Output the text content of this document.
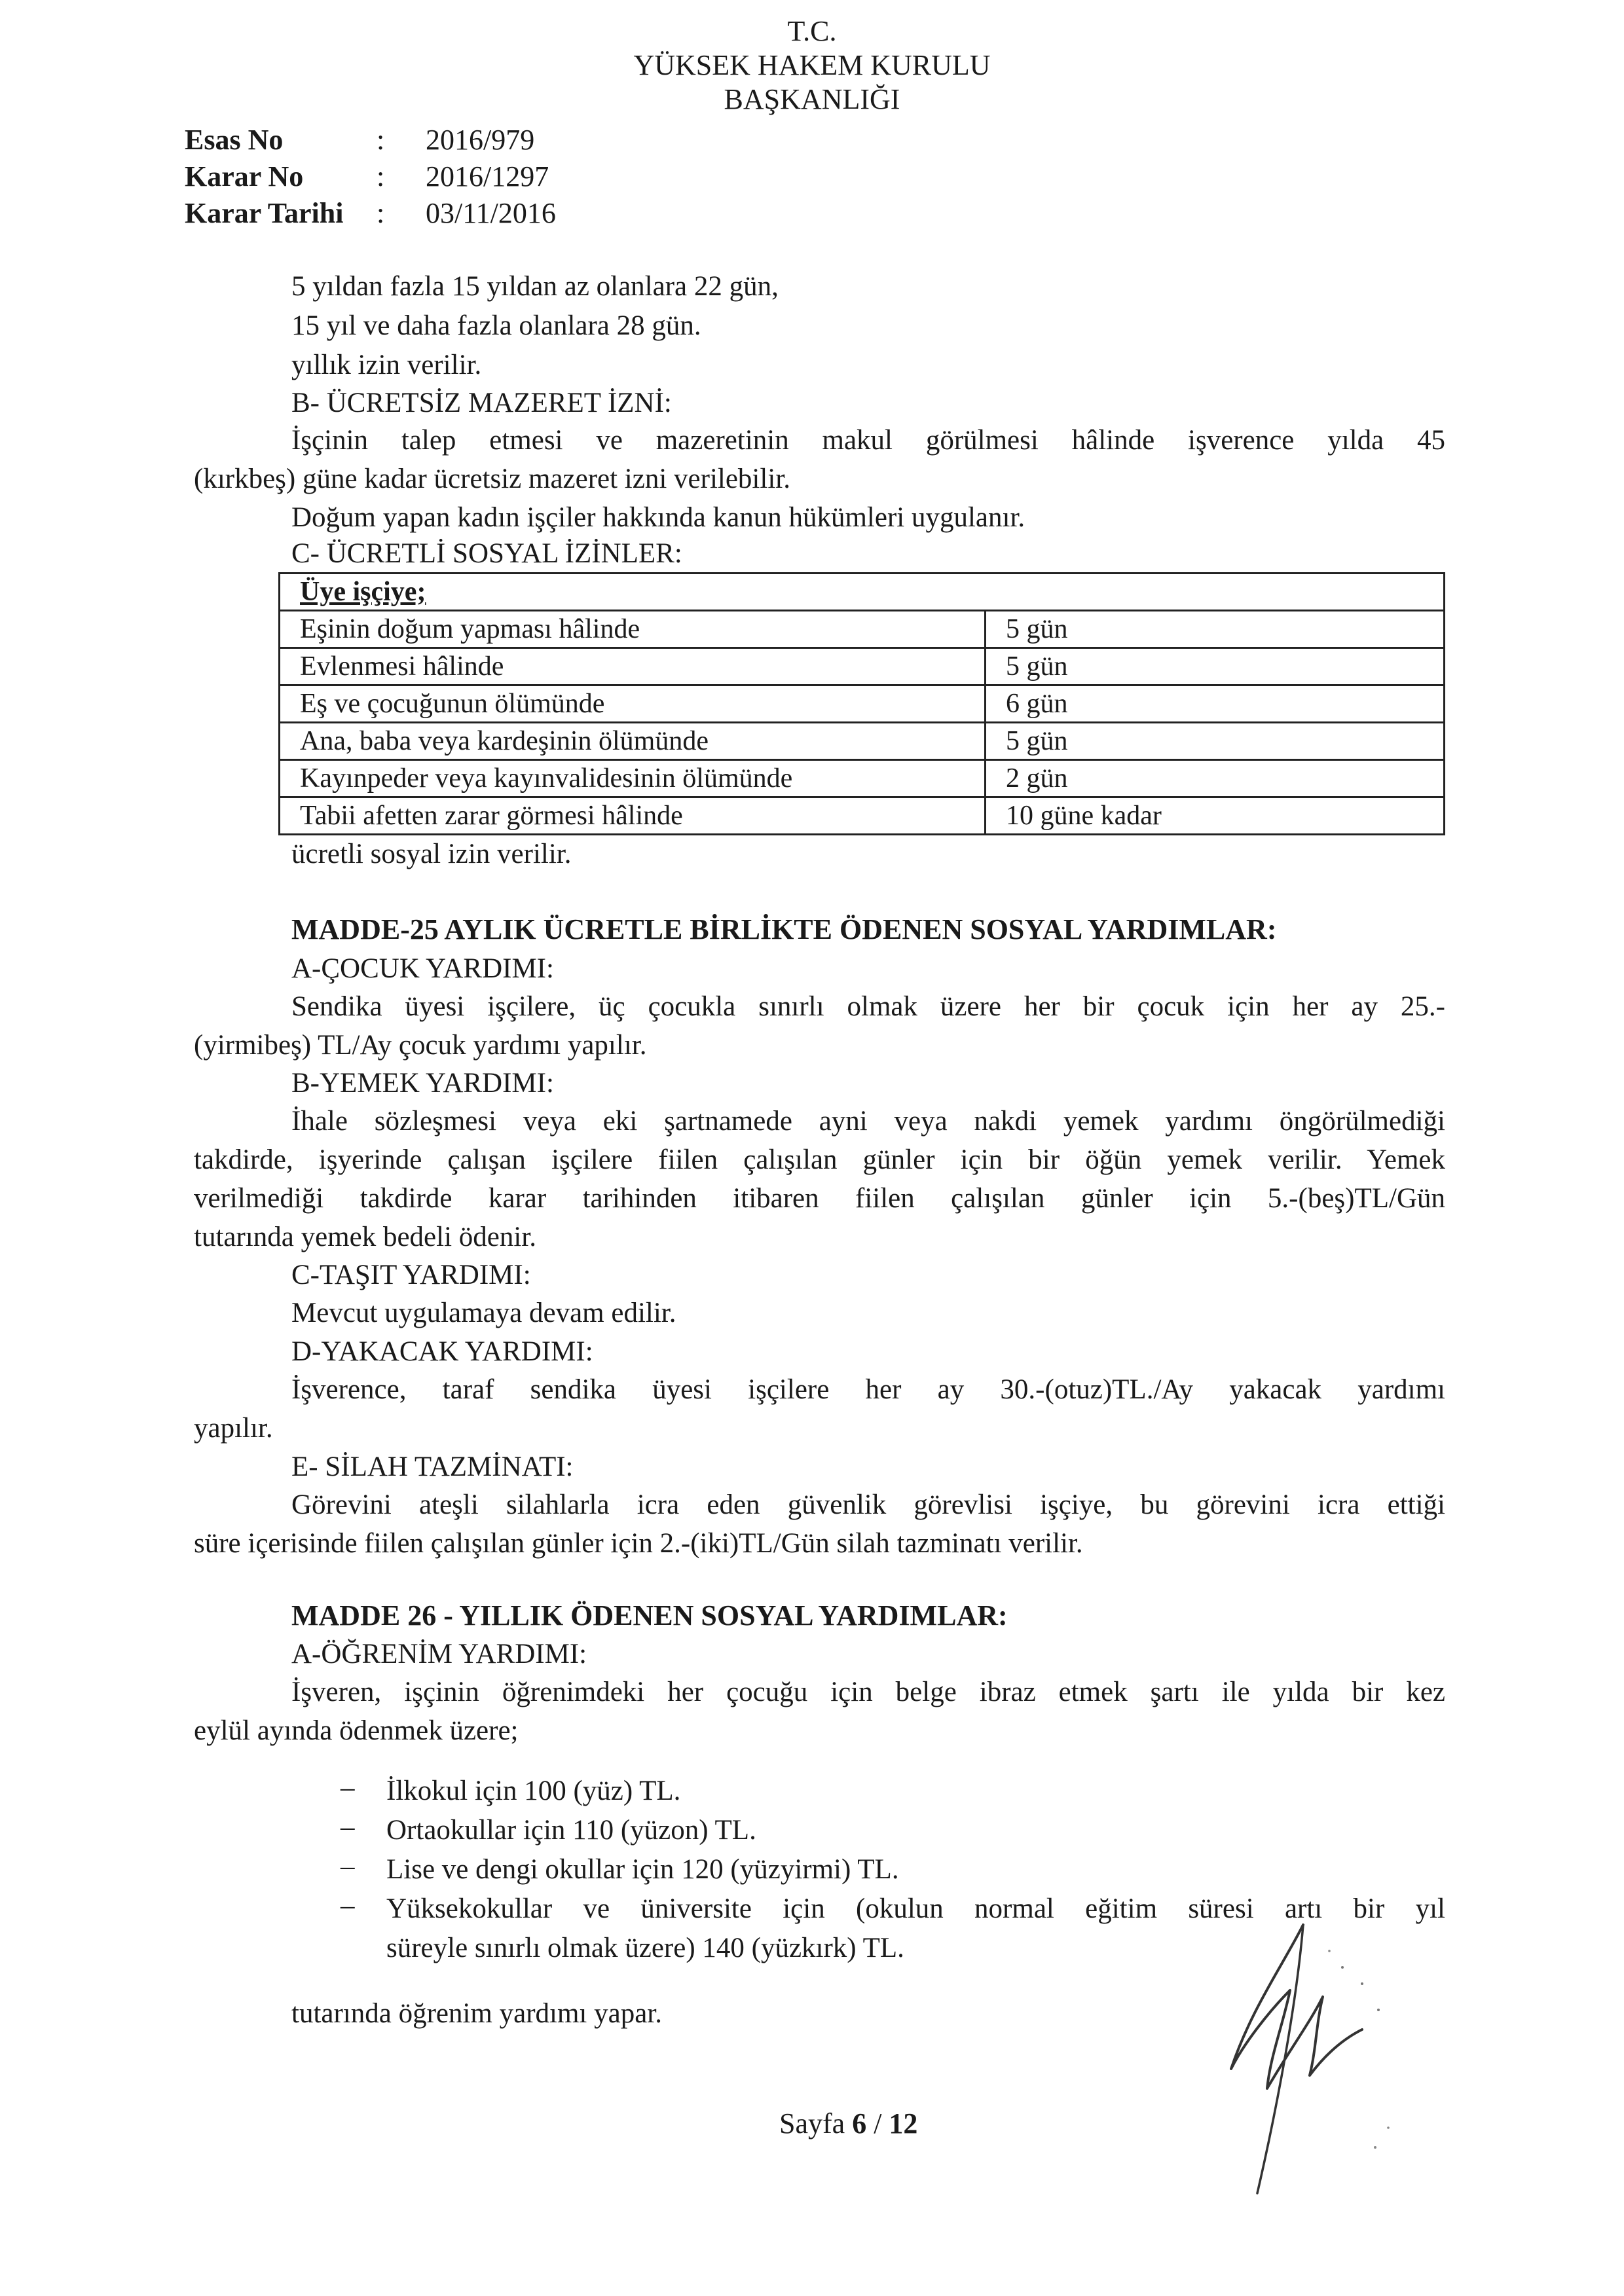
T.C.
YÜKSEK HAKEM KURULU
BAŞKANLIĞI
Esas No	: 2016/979
Karar No	: 2016/1297
Karar Tarihi : 03/11/2016
5 yıldan fazla 15 yıldan az olanlara 22 gün,
15 yıl ve daha fazla olanlara 28 gün.
yıllık izin verilir.
B- ÜCRETSİZ MAZERET İZNİ:
İşçinin talep etmesi ve mazeretinin makul görülmesi hâlinde işverence yılda 45
(kırkbeş) güne kadar ücretsiz mazeret izni verilebilir.
Doğum yapan kadın işçiler hakkında kanun hükümleri uygulanır.
C- ÜCRETLİ SOSYAL İZİNLER:
Üye işçiye;	
Eşinin doğum yapması hâlinde	5 gün
Evlenmesi hâlinde	5 gün
Eş ve çocuğunun ölümünde	6 gün
Ana, baba veya kardeşinin ölümünde	5 gün
Kayınpeder veya kayınvalidesinin ölümünde	2 gün
Tabii afetten zarar görmesi hâlinde	10 güne kadar
ücretli sosyal izin verilir.
MADDE-25 AYLIK ÜCRETLE BİRLİKTE ÖDENEN SOSYAL YARDIMLAR:
A-ÇOCUK YARDIMI:
Sendika üyesi işçilere, üç çocukla sınırlı olmak üzere her bir çocuk için her ay 25.-
(yirmibeş) TL/Ay çocuk yardımı yapılır.
B-YEMEK YARDIMI:
İhale sözleşmesi veya eki şartnamede ayni veya nakdi yemek yardımı öngörülmediği
takdirde, işyerinde çalışan işçilere fiilen çalışılan günler için bir öğün yemek verilir. Yemek
verilmediği takdirde karar tarihinden itibaren fiilen çalışılan günler için 5.-(beş)TL/Gün
tutarında yemek bedeli ödenir.
C-TAŞIT YARDIMI:
Mevcut uygulamaya devam edilir.
D-YAKACAK YARDIMI:
İşverence, taraf sendika üyesi işçilere her ay 30.-(otuz)TL./Ay yakacak yardımı
yapılır.
E- SİLAH TAZMİNATI:
Görevini ateşli silahlarla icra eden güvenlik görevlisi işçiye, bu görevini icra ettiği
süre içerisinde fiilen çalışılan günler için 2.-(iki)TL/Gün silah tazminatı verilir.
MADDE 26 - YILLIK ÖDENEN SOSYAL YARDIMLAR:
A-ÖĞRENİM YARDIMI:
İşveren, işçinin öğrenimdeki her çocuğu için belge ibraz etmek şartı ile yılda bir kez
eylül ayında ödenmek üzere;
– İlkokul için 100 (yüz) TL.
– Ortaokullar için 110 (yüzon) TL.
– Lise ve dengi okullar için 120 (yüzyirmi) TL.
– Yüksekokullar ve üniversite için (okulun normal eğitim süresi artı bir yıl
süreyle sınırlı olmak üzere) 140 (yüzkırk) TL.
tutarında öğrenim yardımı yapar.
Sayfa 6 / 12
